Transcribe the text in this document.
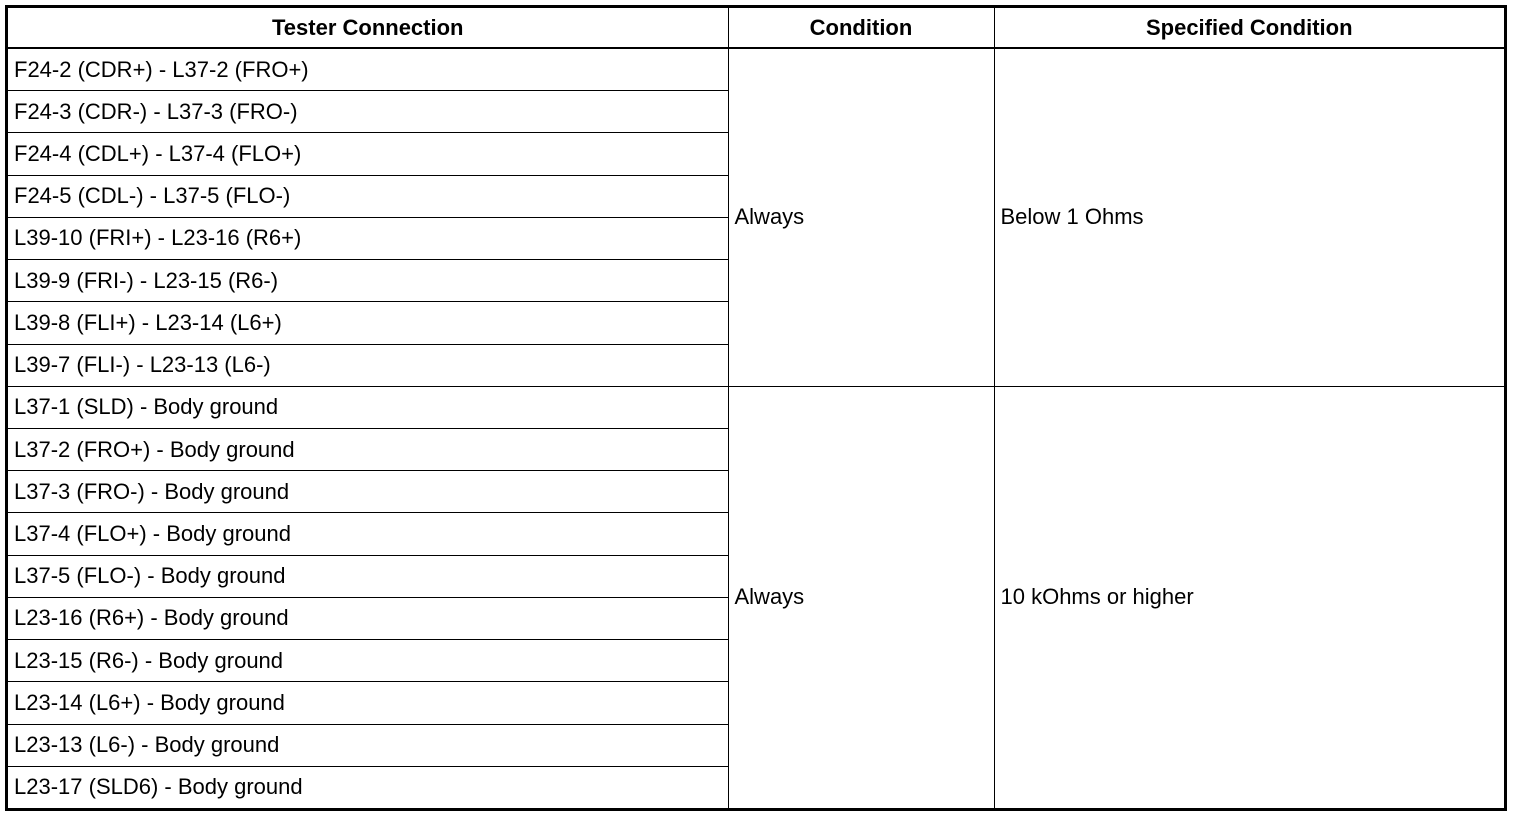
Tester Connection	Condition	Specified Condition
F24-2 (CDR+) - L37-2 (FRO+)	Always	Below 1 Ohms
F24-3 (CDR-) - L37-3 (FRO-)		
F24-4 (CDL+) - L37-4 (FLO+)		
F24-5 (CDL-) - L37-5 (FLO-)		
L39-10 (FRI+) - L23-16 (R6+)		
L39-9 (FRI-) - L23-15 (R6-)		
L39-8 (FLI+) - L23-14 (L6+)		
L39-7 (FLI-) - L23-13 (L6-)		
L37-1 (SLD) - Body ground	Always	10 kOhms or higher
L37-2 (FRO+) - Body ground		
L37-3 (FRO-) - Body ground		
L37-4 (FLO+) - Body ground		
L37-5 (FLO-) - Body ground		
L23-16 (R6+) - Body ground		
L23-15 (R6-) - Body ground		
L23-14 (L6+) - Body ground		
L23-13 (L6-) - Body ground		
L23-17 (SLD6) - Body ground		
